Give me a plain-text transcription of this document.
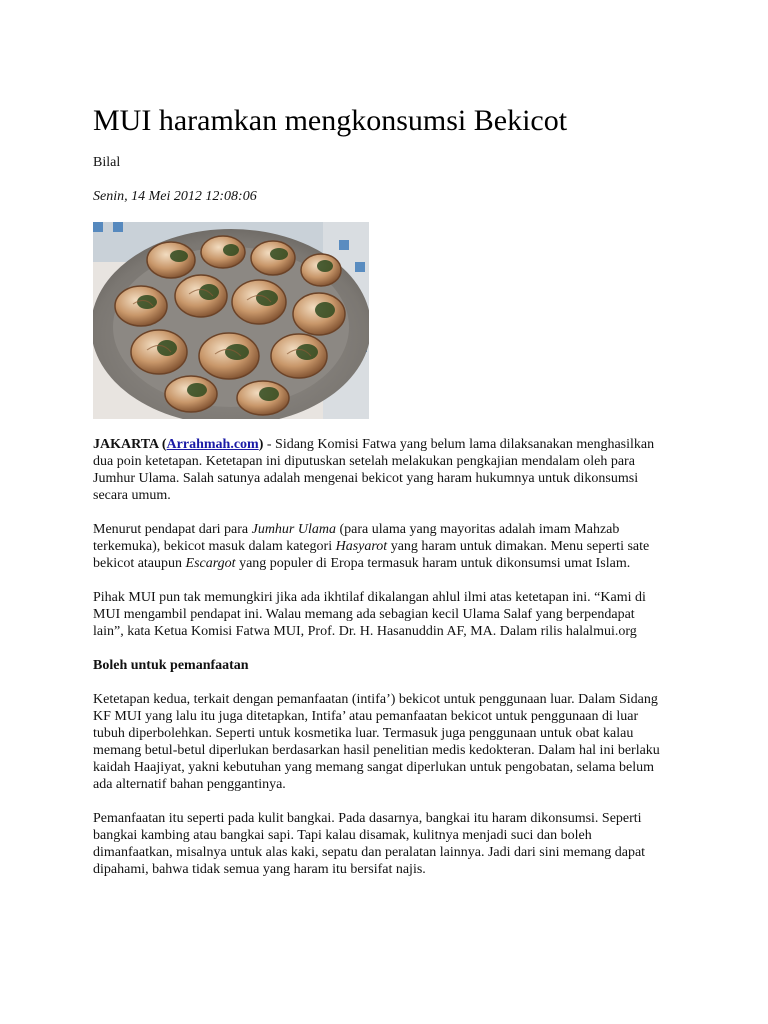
MUI haramkan mengkonsumsi Bekicot
Bilal
Senin, 14 Mei 2012 12:08:06

JAKARTA (Arrahmah.com) - Sidang Komisi Fatwa yang belum lama dilaksanakan menghasilkan dua poin ketetapan. Ketetapan ini diputuskan setelah melakukan pengkajian mendalam oleh para Jumhur Ulama. Salah satunya adalah mengenai bekicot yang haram hukumnya untuk dikonsumsi secara umum.

Menurut pendapat dari para Jumhur Ulama (para ulama yang mayoritas adalah imam Mahzab terkemuka), bekicot masuk dalam kategori Hasyarot yang haram untuk dimakan. Menu seperti sate bekicot ataupun Escargot yang populer di Eropa termasuk haram untuk dikonsumsi umat Islam.

Pihak MUI pun tak memungkiri jika ada ikhtilaf dikalangan ahlul ilmi atas ketetapan ini. “Kami di MUI mengambil pendapat ini. Walau memang ada sebagian kecil Ulama Salaf yang berpendapat lain”, kata Ketua Komisi Fatwa MUI, Prof. Dr. H. Hasanuddin AF, MA. Dalam rilis halalmui.org

Boleh untuk pemanfaatan

Ketetapan kedua, terkait dengan pemanfaatan (intifa’) bekicot untuk penggunaan luar. Dalam Sidang KF MUI yang lalu itu juga ditetapkan, Intifa’ atau pemanfaatan bekicot untuk penggunaan di luar tubuh diperbolehkan. Seperti untuk kosmetika luar. Termasuk juga penggunaan untuk obat kalau memang betul-betul diperlukan berdasarkan hasil penelitian medis kedokteran. Dalam hal ini berlaku kaidah Haajiyat, yakni kebutuhan yang memang sangat diperlukan untuk pengobatan, selama belum ada alternatif bahan penggantinya.

Pemanfaatan itu seperti pada kulit bangkai. Pada dasarnya, bangkai itu haram dikonsumsi. Seperti bangkai kambing atau bangkai sapi. Tapi kalau disamak, kulitnya menjadi suci dan boleh dimanfaatkan, misalnya untuk alas kaki, sepatu dan peralatan lainnya. Jadi dari sini memang dapat dipahami, bahwa tidak semua yang haram itu bersifat najis.
